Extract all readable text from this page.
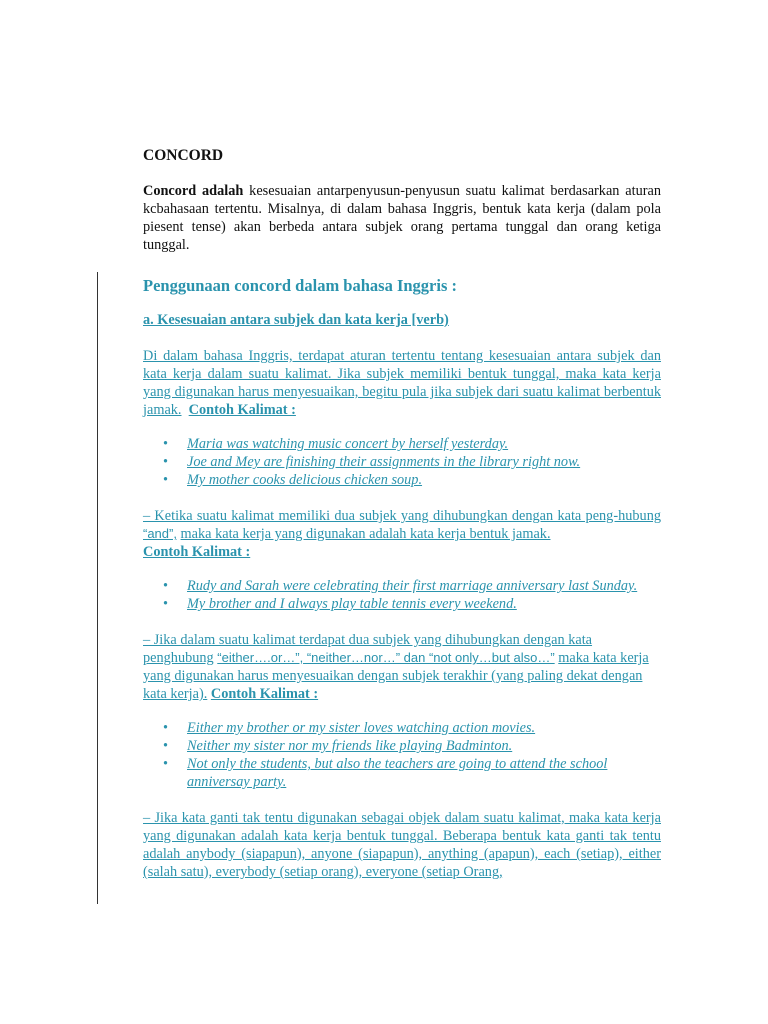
CONCORD

Concord adalah kesesuaian antarpenyusun-penyusun suatu kalimat berdasarkan aturan kcbahasaan tertentu. Misalnya, di dalam bahasa Inggris, bentuk kata kerja (dalam pola piesent tense) akan berbeda antara subjek orang pertama tunggal dan orang ketiga tunggal.

Penggunaan concord dalam bahasa Inggris :
a. Kesesuaian antara subjek dan kata kerja [verb)

Di dalam bahasa Inggris, terdapat aturan tertentu tentang kesesuaian antara subjek dan kata kerja dalam suatu kalimat. Jika subjek memiliki bentuk tunggal, maka kata kerja yang digunakan harus menyesuaikan, begitu pula jika subjek dari suatu kalimat berbentuk jamak. Contoh Kalimat :

• Maria was watching music concert by herself yesterday.
• Joe and Mey are finishing their assignments in the library right now.
• My mother cooks delicious chicken soup.

– Ketika suatu kalimat memiliki dua subjek yang dihubungkan dengan kata peng-hubung “and”, maka kata kerja yang digunakan adalah kata kerja bentuk jamak.
Contoh Kalimat :

• Rudy and Sarah were celebrating their first marriage anniversary last Sunday.
• My brother and I always play table tennis every weekend.

– Jika dalam suatu kalimat terdapat dua subjek yang dihubungkan dengan kata penghubung “either….or…”, “neither…nor…” dan “not only…but also…” maka kata kerja yang digunakan harus menyesuaikan dengan subjek terakhir (yang paling dekat dengan kata kerja). Contoh Kalimat :

• Either my brother or my sister loves watching action movies.
• Neither my sister nor my friends like playing Badminton.
• Not only the students, but also the teachers are going to attend the school anniversay party.

– Jika kata ganti tak tentu digunakan sebagai objek dalam suatu kalimat, maka kata kerja yang digunakan adalah kata kerja bentuk tunggal. Beberapa bentuk kata ganti tak tentu adalah anybody (siapapun), anyone (siapapun), anything (apapun), each (setiap), either (salah satu), everybody (setiap orang), everyone (setiap Orang,
